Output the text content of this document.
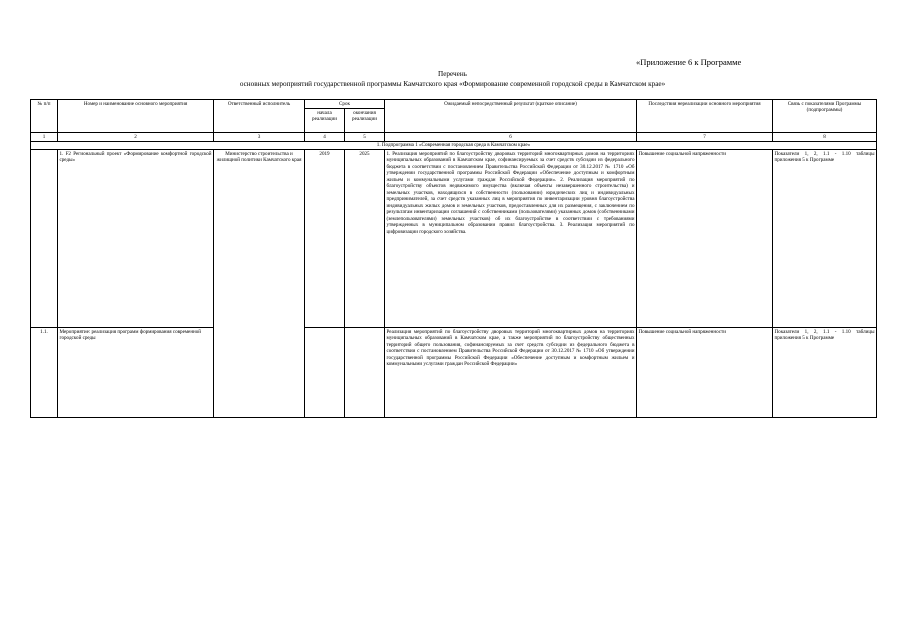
«Приложение 6 к Программе
Перечень
основных мероприятий государственной программы Камчатского края «Формирование современной городской среды в Камчатском крае»
№ п/п	Номер и наименование основного мероприятия	Ответственный исполнитель	Срок		Ожидаемый непосредственный результат (краткое описание)	Последствия нереализации основного мероприятия	Связь с показателями Программы (подпрограммы)
			начала реализации	окончания реализации			
1	2	3	4	5	6	7	8
1. Подпрограмма 1 «Современная городская среда в Камчатском крае»							
	1. F2 Региональный проект «Формирование комфортной городской среды»	Министерство строительства и жилищной политики Камчатского края	2019	2025	1. Реализация мероприятий по благоустройству дворовых территорий многоквартирных домов на территориях муниципальных образований в Камчатском крае, софинансируемых за счет средств субсидии из федерального бюджета в соответствии с постановлением Правительства Российской Федерации от 30.12.2017 № 1710 «Об утверждении государственной программы Российской Федерации «Обеспечение доступным и комфортным жильем и коммунальными услугами граждан Российской Федерации». 2. Реализация мероприятий по благоустройству объектов недвижимого имущества (включая объекты незавершенного строительства) и земельных участков, находящихся в собственности (пользовании) юридических лиц и индивидуальных предпринимателей, за счет средств указанных лиц в мероприятия по инвентаризации уровня благоустройства индивидуальных жилых домов и земельных участков, предоставленных для их размещения, с заключением по результатам инвентаризации соглашений с собственниками (пользователями) указанных домов (собственниками (землепользователями) земельных участков) об их благоустройстве в соответствии с требованиями утвержденных в муниципальном образовании правил благоустройства. 3. Реализация мероприятий по цифровизации городского хозяйства.	Повышение социальной напряженности	Показатели 1, 2, 1.1 - 1.10 таблицы приложения 5 к Программе
1.1.	Мероприятие: реализация программ формирования современной городской среды				Реализация мероприятий по благоустройству дворовых территорий многоквартирных домов на территориях муниципальных образований в Камчатском крае, а также мероприятий по благоустройству общественных территорий общего пользования, софинансируемых за счет средств субсидии из федерального бюджета в соответствии с постановлением Правительства Российской Федерации от 30.12.2017 № 1710 «Об утверждении государственной программы Российской Федерации «Обеспечение доступным и комфортным жильем и коммунальными услугами граждан Российской Федерации»	Повышение социальной напряженности	Показатели 1, 2, 1.1 - 1.10 таблицы приложения 5 к Программе
